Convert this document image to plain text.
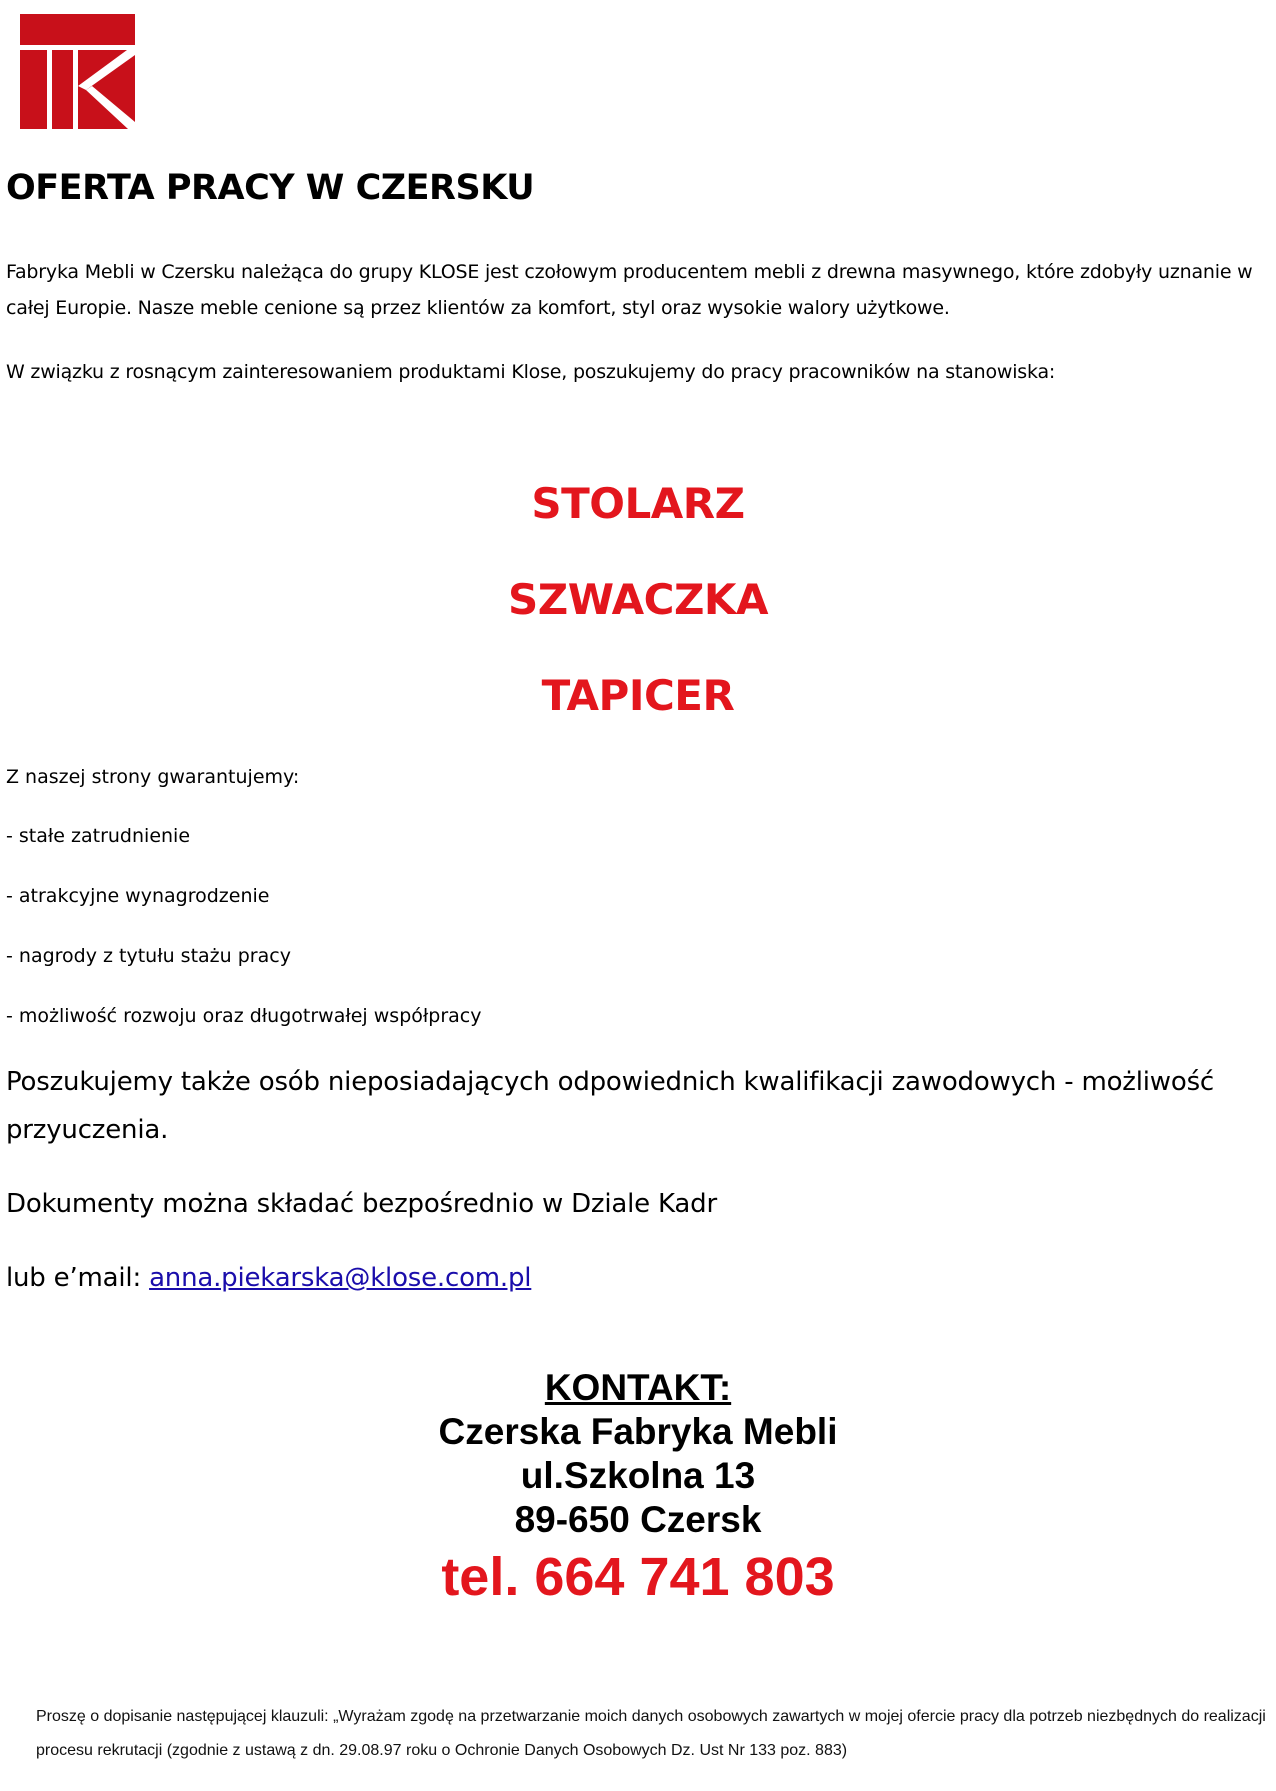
OFERTA PRACY W CZERSKU

Fabryka Mebli w Czersku należąca do grupy KLOSE jest czołowym producentem mebli z drewna masywnego, które zdobyły uznanie w całej Europie. Nasze meble cenione są przez klientów za komfort, styl oraz wysokie walory użytkowe.

W związku z rosnącym zainteresowaniem produktami Klose, poszukujemy do pracy pracowników na stanowiska:

STOLARZ
SZWACZKA
TAPICER

Z naszej strony gwarantujemy:

- stałe zatrudnienie
- atrakcyjne wynagrodzenie
- nagrody z tytułu stażu pracy
- możliwość rozwoju oraz długotrwałej współpracy

Poszukujemy także osób nieposiadających odpowiednich kwalifikacji zawodowych - możliwość przyuczenia.

Dokumenty można składać bezpośrednio w Dziale Kadr

lub e’mail: anna.piekarska@klose.com.pl

KONTAKT:
Czerska Fabryka Mebli
ul.Szkolna 13
89-650 Czersk
tel. 664 741 803

Proszę o dopisanie następującej klauzuli: „Wyrażam zgodę na przetwarzanie moich danych osobowych zawartych w mojej ofercie pracy dla potrzeb niezbędnych do realizacji procesu rekrutacji (zgodnie z ustawą z dn. 29.08.97 roku o Ochronie Danych Osobowych Dz. Ust Nr 133 poz. 883)
